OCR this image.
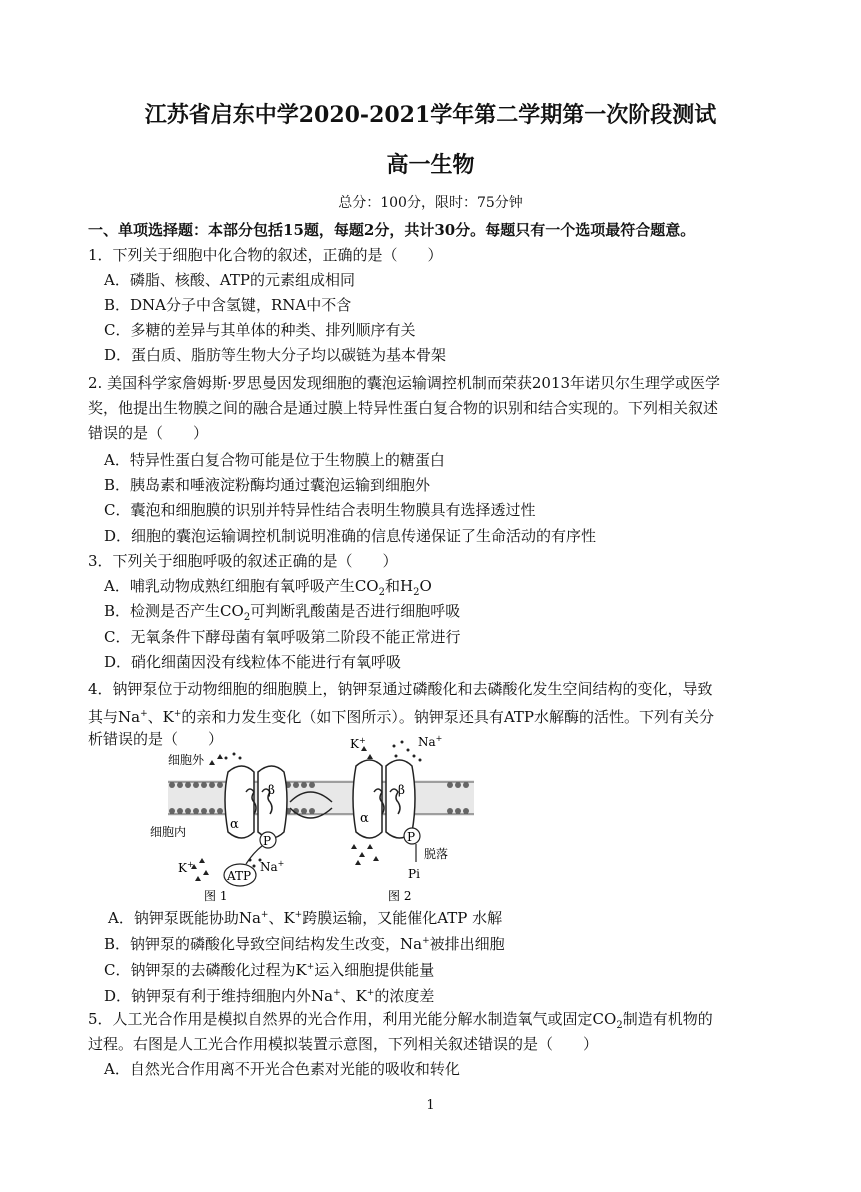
江苏省启东中学2020-2021学年第二学期第一次阶段测试
高一生物
总分：100分，限时：75分钟
一、单项选择题：本部分包括15题，每题2分，共计30分。每题只有一个选项最符合题意。
1．下列关于细胞中化合物的叙述，正确的是（　　）
A．磷脂、核酸、ATP的元素组成相同
B．DNA分子中含氢键，RNA中不含
C．多糖的差异与其单体的种类、排列顺序有关
D．蛋白质、脂肪等生物大分子均以碳链为基本骨架
2. 美国科学家詹姆斯·罗思曼因发现细胞的囊泡运输调控机制而荣获2013年诺贝尔生理学或医学
奖，他提出生物膜之间的融合是通过膜上特异性蛋白复合物的识别和结合实现的。下列相关叙述
错误的是（　　）
A．特异性蛋白复合物可能是位于生物膜上的糖蛋白
B．胰岛素和唾液淀粉酶均通过囊泡运输到细胞外
C．囊泡和细胞膜的识别并特异性结合表明生物膜具有选择透过性
D．细胞的囊泡运输调控机制说明准确的信息传递保证了生命活动的有序性
3．下列关于细胞呼吸的叙述正确的是（　　）
A．哺乳动物成熟红细胞有氧呼吸产生$CO_2$和$H_2O$
B．检测是否产生$CO_2$可判断乳酸菌是否进行细胞呼吸
C．无氧条件下酵母菌有氧呼吸第二阶段不能正常进行
D．硝化细菌因没有线粒体不能进行有氧呼吸
4．钠钾泵位于动物细胞的细胞膜上，钠钾泵通过磷酸化和去磷酸化发生空间结构的变化，导致
其与Na+、K+的亲和力发生变化（如下图所示）。钠钾泵还具有ATP水解酶的活性。下列有关分
析错误的是（　　）
α
β
P
ATP
细胞外
细胞内
K+	Na+
α
β
P
脱落
Pi
K+	Na+
图 1	图 2
A．钠钾泵既能协助Na+、K+跨膜运输，又能催化ATP 水解
B．钠钾泵的磷酸化导致空间结构发生改变，Na+被排出细胞
C．钠钾泵的去磷酸化过程为K+运入细胞提供能量
D．钠钾泵有利于维持细胞内外Na+、K+的浓度差
5．人工光合作用是模拟自然界的光合作用，利用光能分解水制造氧气或固定$CO_2$制造有机物的
过程。右图是人工光合作用模拟装置示意图，下列相关叙述错误的是（　　）
A．自然光合作用离不开光合色素对光能的吸收和转化
1
